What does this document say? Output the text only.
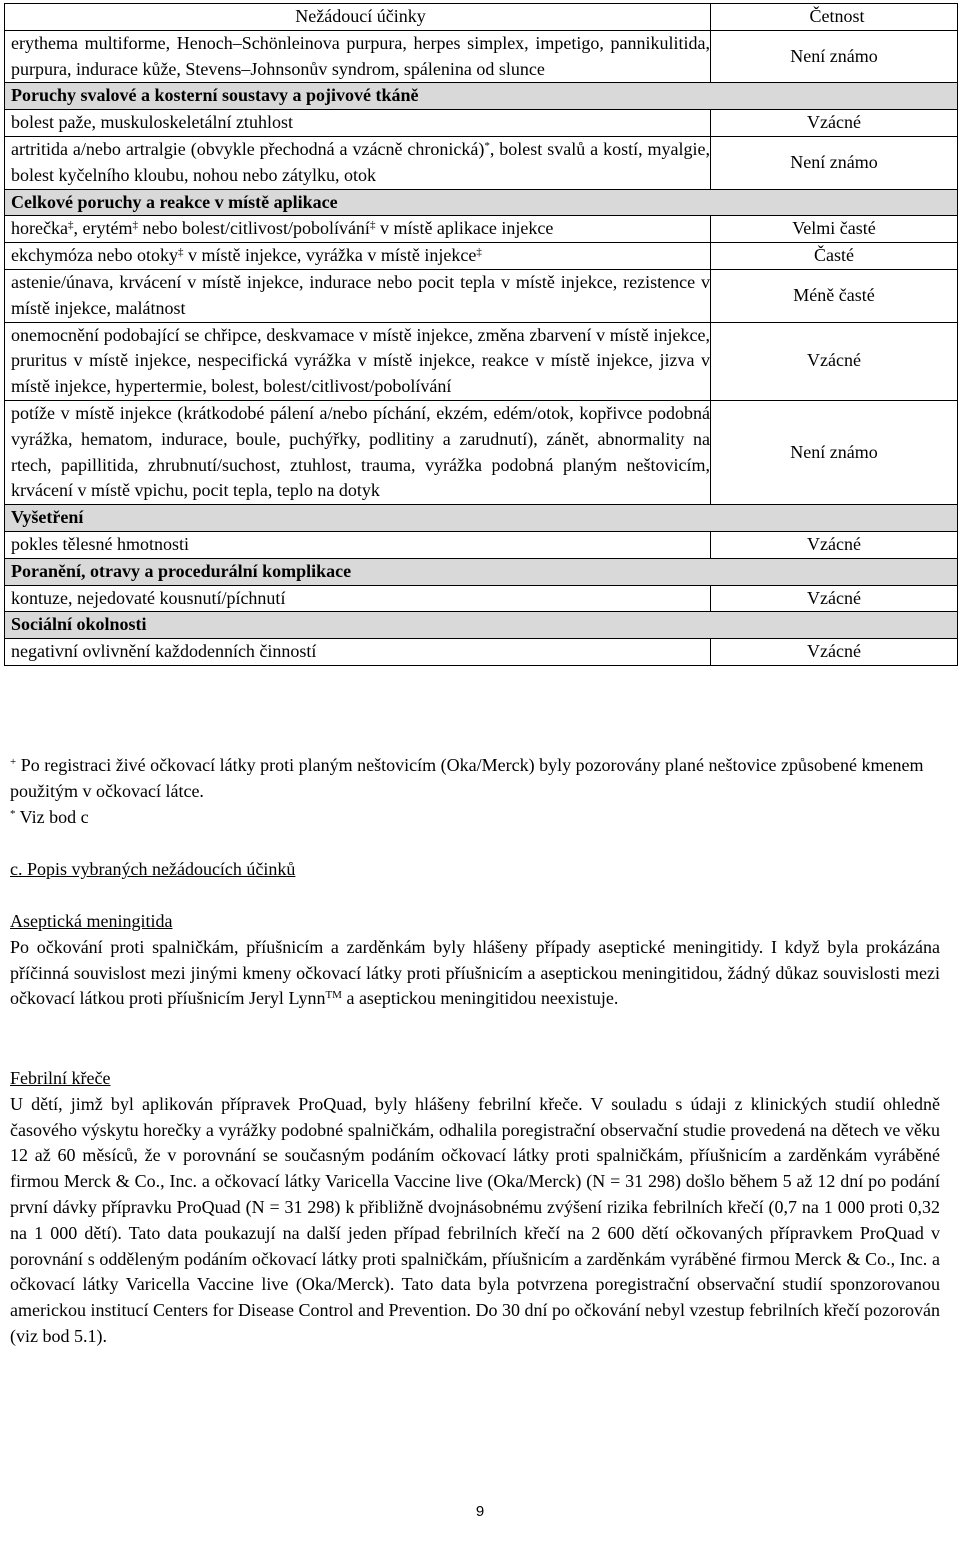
Nežádoucí účinky	Četnost
erythema multiforme, Henoch–Schönleinova purpura, herpes simplex, impetigo, pannikulitida, purpura, indurace kůže, Stevens–Johnsonův syndrom, spálenina od slunce	Není známo
Poruchy svalové a kosterní soustavy a pojivové tkáně	
bolest paže, muskuloskeletální ztuhlost	Vzácné
artritida a/nebo artralgie (obvykle přechodná a vzácně chronická)*, bolest svalů a kostí, myalgie, bolest kyčelního kloubu, nohou nebo zátylku, otok	Není známo
Celkové poruchy a reakce v místě aplikace	
horečka‡, erytém‡ nebo bolest/citlivost/pobolívání‡ v místě aplikace injekce	Velmi časté
ekchymóza nebo otoky‡ v místě injekce, vyrážka v místě injekce‡	Časté
astenie/únava, krvácení v místě injekce, indurace nebo pocit tepla v místě injekce, rezistence v místě injekce, malátnost	Méně časté
onemocnění podobající se chřipce, deskvamace v místě injekce, změna zbarvení v místě injekce, pruritus v místě injekce, nespecifická vyrážka v místě injekce, reakce v místě injekce, jizva v místě injekce, hypertermie, bolest, bolest/citlivost/pobolívání	Vzácné
potíže v místě injekce (krátkodobé pálení a/nebo píchání, ekzém, edém/otok, kopřivce podobná vyrážka, hematom, indurace, boule, puchýřky, podlitiny a zarudnutí), zánět, abnormality na rtech, papillitida, zhrubnutí/suchost, ztuhlost, trauma, vyrážka podobná planým neštovicím, krvácení v místě vpichu, pocit tepla, teplo na dotyk	Není známo
Vyšetření	
pokles tělesné hmotnosti	Vzácné
Poranění, otravy a procedurální komplikace	
kontuze, nejedovaté kousnutí/píchnutí	Vzácné
Sociální okolnosti	
negativní ovlivnění každodenních činností	Vzácné
+ Po registraci živé očkovací látky proti planým neštovicím (Oka/Merck) byly pozorovány plané neštovice způsobené kmenem použitým v očkovací látce.
* Viz bod c

c. Popis vybraných nežádoucích účinků

Aseptická meningitida

Po očkování proti spalničkám, příušnicím a zarděnkám byly hlášeny případy aseptické meningitidy. I když byla prokázána příčinná souvislost mezi jinými kmeny očkovací látky proti příušnicím a aseptickou meningitidou, žádný důkaz souvislosti mezi očkovací látkou proti příušnicím Jeryl Lynn™ a aseptickou meningitidou neexistuje.

Febrilní křeče

U dětí, jimž byl aplikován přípravek ProQuad, byly hlášeny febrilní křeče. V souladu s údaji z klinických studií ohledně časového výskytu horečky a vyrážky podobné spalničkám, odhalila poregistrační observační studie provedená na dětech ve věku 12 až 60 měsíců, že v porovnání se současným podáním očkovací látky proti spalničkám, příušnicím a zarděnkám vyráběné firmou Merck & Co., Inc. a očkovací látky Varicella Vaccine live (Oka/Merck) (N = 31 298) došlo během 5 až 12 dní po podání první dávky přípravku ProQuad (N = 31 298) k přibližně dvojnásobnému zvýšení rizika febrilních křečí (0,7 na 1 000 proti 0,32 na 1 000 dětí). Tato data poukazují na další jeden případ febrilních křečí na 2 600 dětí očkovaných přípravkem ProQuad v porovnání s odděleným podáním očkovací látky proti spalničkám, příušnicím a zarděnkám vyráběné firmou Merck & Co., Inc. a očkovací látky Varicella Vaccine live (Oka/Merck). Tato data byla potvrzena poregistrační observační studií sponzorovanou americkou institucí Centers for Disease Control and Prevention. Do 30 dní po očkování nebyl vzestup febrilních křečí pozorován (viz bod 5.1).

9
